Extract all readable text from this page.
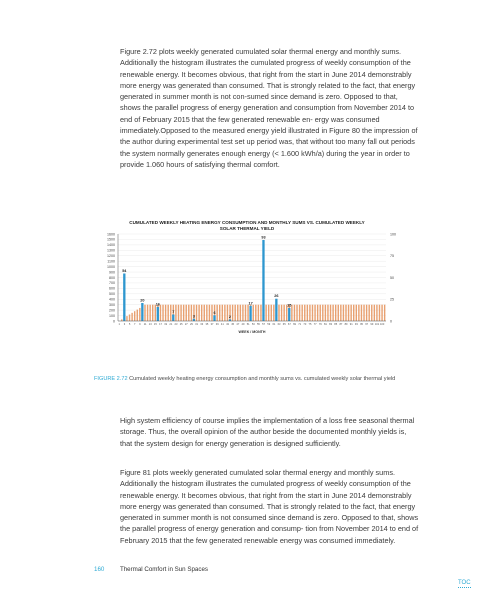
Figure 2.72 plots weekly generated cumulated solar thermal energy and monthly sums. Additionally the histogram illustrates the cumulated progress of weekly consumption of the renewable energy. It becomes obvious, that right from the start in June 2014 demonstrably more energy was generated than consumed. That is strongly related to the fact, that energy generated in summer month is not con-sumed since demand is zero. Opposed to that, shows the parallel progress of energy generation and consumption from November 2014 to end of February 2015 that the few generated renewable en- ergy was consumed immediately.Opposed to the measured energy yield illustrated in Figure 80 the impression of the author during experimental test set up period was, that without too many fall out periods the system normally generates enough energy (< 1.600 kWh/a) during the year in order to provide 1.060 hours of satisfying thermal comfort.

CUMULATED WEEKLY HEATING ENERGY CONSUMPTION AND MONTHLY SUMS VS. CUMULATED WEEKLY
SOLAR THERMAL YIELD
0
100
200
300
400
500
600
700
800
900
1000
1100
1200
1300
1400
1500
1600
0
25
50
75
100
54
20
16
7
3
6
2
17
93
26
15
1 3 5 7 9 11 13 15 17 19 21 23 25 27 29 31 33 35 37 39 41 43 45 47 49 51 53 55 57 59 61 63 65 67 69 71 73 75 77 79 81 83 85 87 89 91 93 95 97 99 101 103
WEEK / MONTH
FIGURE 2.72 Cumulated weekly heating energy consumption and monthly sums vs. cumulated weekly solar thermal yield

High system efficiency of course implies the implementation of a loss free seasonal thermal storage. Thus, the overall opinion of the author beside the documented monthly yields is, that the system design for energy generation is designed sufficiently.

Figure 81 plots weekly generated cumulated solar thermal energy and monthly sums. Additionally the histogram illustrates the cumulated progress of weekly consumption of the renewable energy. It becomes obvious, that right from the start in June 2014 demonstrably more energy was generated than consumed. That is strongly related to the fact, that energy generated in summer month is not consumed since demand is zero. Opposed to that, shows the parallel progress of energy generation and consump- tion from November 2014 to end of February 2015 that the few generated renewable energy was consumed immediately.

160	Thermal Comfort in Sun Spaces
TOC
